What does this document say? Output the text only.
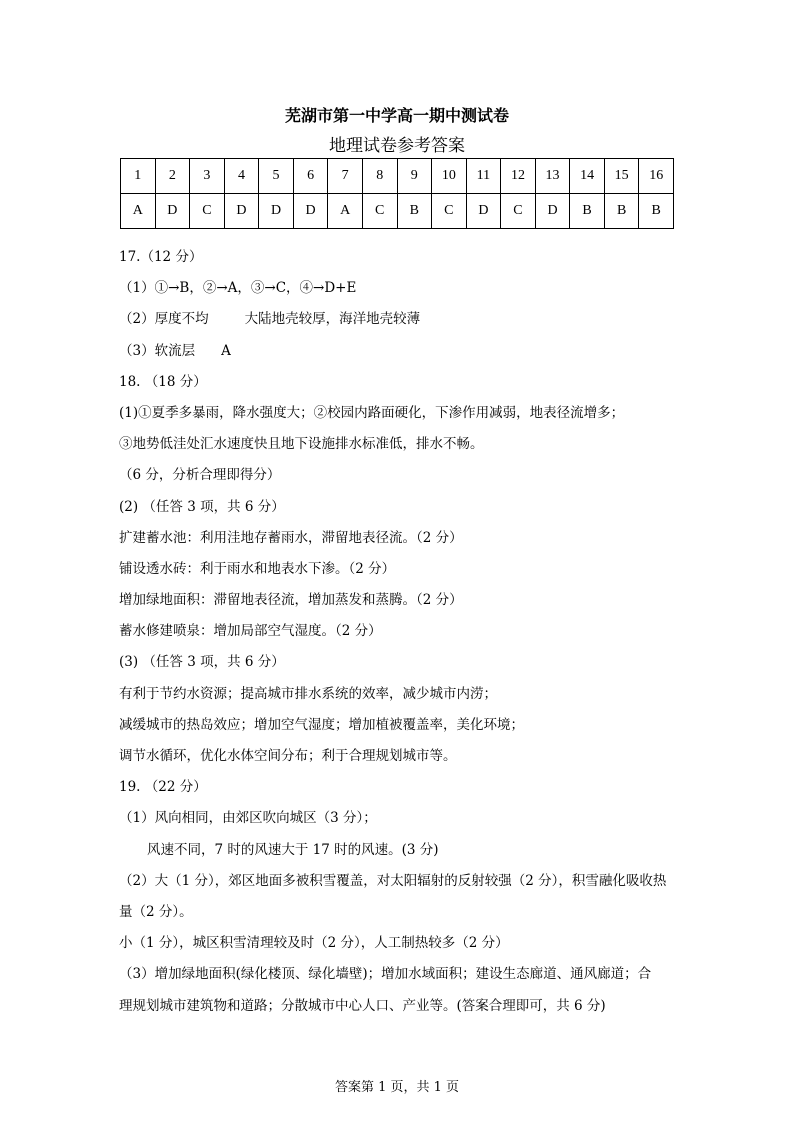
芜湖市第一中学高一期中测试卷
地理试卷参考答案
1	2	3	4	5	6	7	8	9	10	11	12	13	14	15	16
A	D	C	D	D	D	A	C	B	C	D	C	D	B	B	B
17.（12 分）
（1）①→B，②→A，③→C，④→D+E
（2）厚度不均	大陆地壳较厚，海洋地壳较薄
（3）软流层 A
18. （18 分）
(1)①夏季多暴雨，降水强度大；②校园内路面硬化，下渗作用减弱，地表径流增多；
③地势低洼处汇水速度快且地下设施排水标准低，排水不畅。
（6 分，分析合理即得分）
(2) （任答 3 项，共 6 分）
扩建蓄水池：利用洼地存蓄雨水，滞留地表径流。（2 分）
铺设透水砖：利于雨水和地表水下渗。（2 分）
增加绿地面积：滞留地表径流，增加蒸发和蒸腾。（2 分）
蓄水修建喷泉：增加局部空气湿度。（2 分）
(3) （任答 3 项，共 6 分）
有利于节约水资源；提高城市排水系统的效率，减少城市内涝；
减缓城市的热岛效应；增加空气湿度；增加植被覆盖率，美化环境；
调节水循环，优化水体空间分布；利于合理规划城市等。
19. （22 分）
（1）风向相同，由郊区吹向城区（3 分）；
风速不同，7 时的风速大于 17 时的风速。(3 分)
（2）大（1 分），郊区地面多被积雪覆盖，对太阳辐射的反射较强（2 分），积雪融化吸收热
量（2 分）。
小（1 分），城区积雪清理较及时（2 分），人工制热较多（2 分）
（3）增加绿地面积(绿化楼顶、绿化墙壁)；增加水域面积；建设生态廊道、通风廊道；合
理规划城市建筑物和道路；分散城市中心人口、产业等。(答案合理即可，共 6 分)
答案第 1 页，共 1 页
